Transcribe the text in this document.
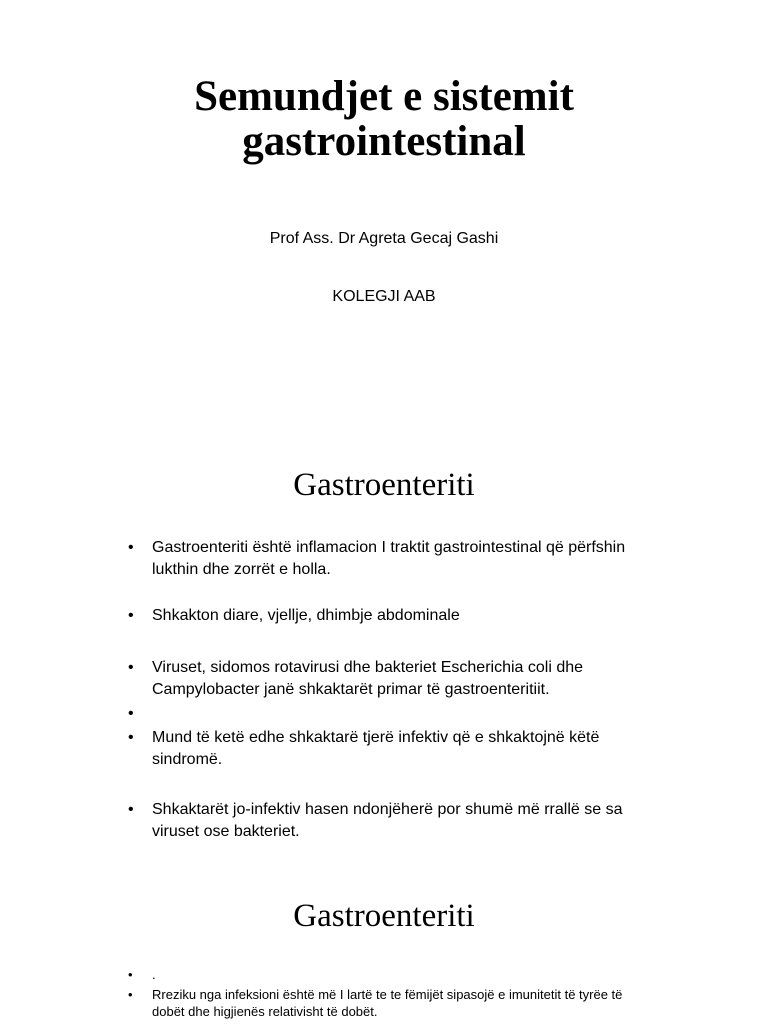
Semundjet e sistemit
gastrointestinal
Prof Ass. Dr Agreta Gecaj Gashi
KOLEGJI AAB
Gastroenteriti
•	Gastroenteriti është inflamacion I traktit gastrointestinal që përfshin lukthin dhe zorrët e holla.
•	Shkakton diare, vjellje, dhimbje abdominale
•	Viruset, sidomos rotavirusi dhe bakteriet Escherichia coli dhe Campylobacter janë shkaktarët primar të gastroenteritiit.
•
•	Mund të ketë edhe shkaktarë tjerë infektiv që e shkaktojnë këtë sindromë.
•	Shkaktarët jo-infektiv hasen ndonjëherë por shumë më rrallë se sa viruset ose bakteriet.
Gastroenteriti
•	.
•	Rreziku nga infeksioni është më I lartë te te fëmijët sipasojë e imunitetit të tyrëe të dobët dhe higjienës relativisht të dobët.
